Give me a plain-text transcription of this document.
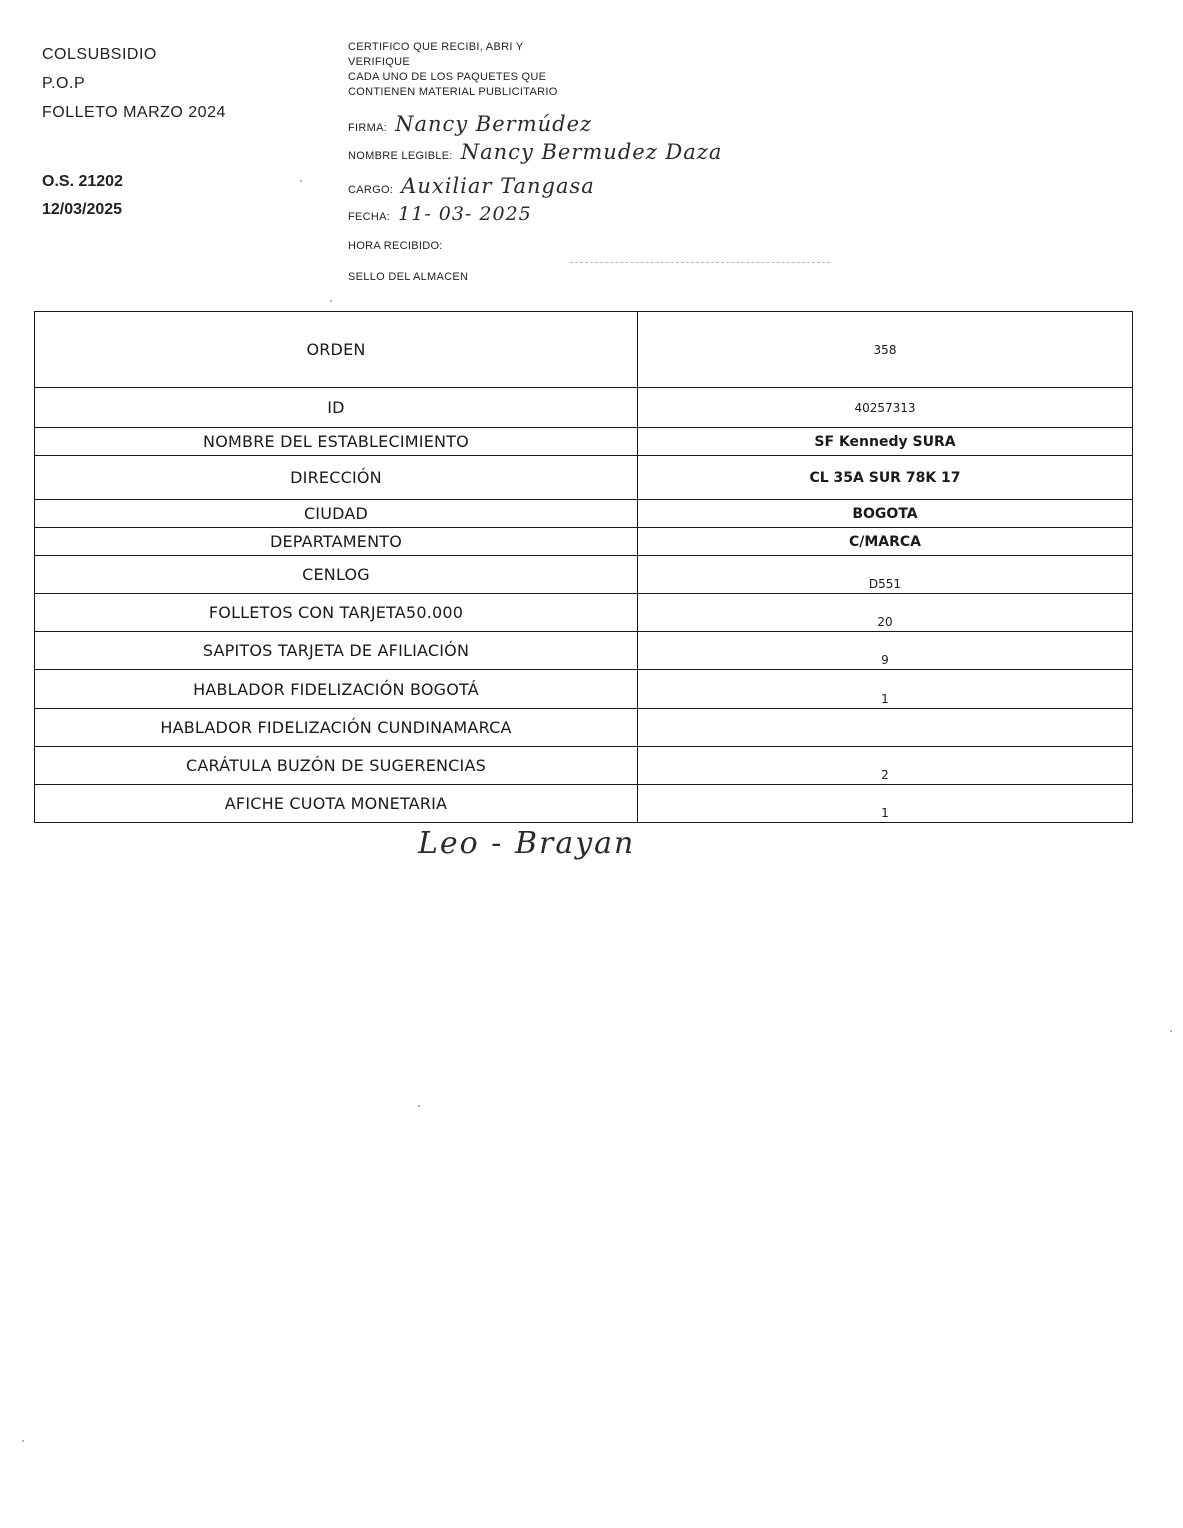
COLSUBSIDIO
P.O.P
FOLLETO MARZO 2024
O.S. 21202
12/03/2025
CERTIFICO QUE RECIBI, ABRI Y
VERIFIQUE
CADA UNO DE LOS PAQUETES QUE
CONTIENEN MATERIAL PUBLICITARIO
FIRMA: Nancy Bermúdez
NOMBRE LEGIBLE: Nancy Bermudez Daza
CARGO: Auxiliar Tangasa
FECHA: 11- 03- 2025
HORA RECIBIDO:
SELLO DEL ALMACEN
ORDEN	358
ID	40257313
NOMBRE DEL ESTABLECIMIENTO	SF Kennedy SURA
DIRECCIÓN	CL 35A SUR 78K 17
CIUDAD	BOGOTA
DEPARTAMENTO	C/MARCA
CENLOG	D551
FOLLETOS CON TARJETA50.000	20
SAPITOS TARJETA DE AFILIACIÓN	9
HABLADOR FIDELIZACIÓN BOGOTÁ	1
HABLADOR FIDELIZACIÓN CUNDINAMARCA	
CARÁTULA BUZÓN DE SUGERENCIAS	2
AFICHE CUOTA MONETARIA	1
Leo - Brayan
